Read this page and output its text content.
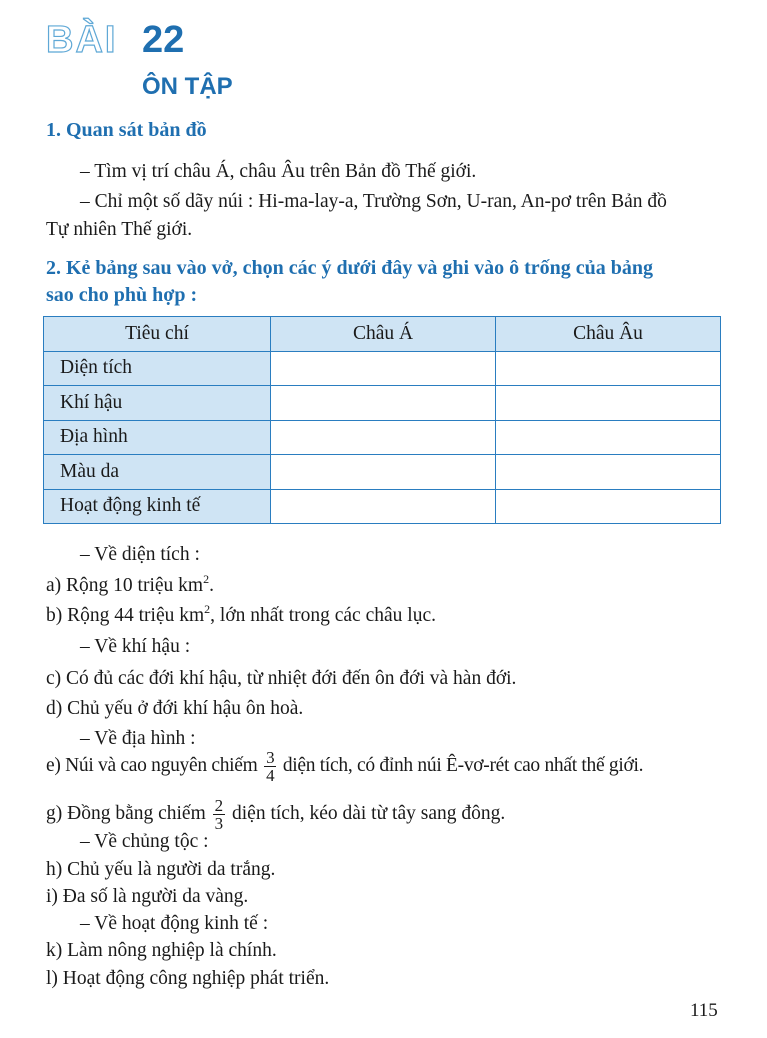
BÀI 22
ÔN TẬP
1. Quan sát bản đồ
– Tìm vị trí châu Á, châu Âu trên Bản đồ Thế giới.
– Chỉ một số dãy núi : Hi-ma-lay-a, Trường Sơn, U-ran, An-pơ trên Bản đồ
Tự nhiên Thế giới.
2. Kẻ bảng sau vào vở, chọn các ý dưới đây và ghi vào ô trống của bảng
sao cho phù hợp :
Tiêu chí	Châu Á	Châu Âu
Diện tích		
Khí hậu		
Địa hình		
Màu da		
Hoạt động kinh tế		
– Về diện tích :
a) Rộng 10 triệu $km^2$.
b) Rộng 44 triệu $km^2$, lớn nhất trong các châu lục.
– Về khí hậu :
c) Có đủ các đới khí hậu, từ nhiệt đới đến ôn đới và hàn đới.
d) Chủ yếu ở đới khí hậu ôn hoà.
– Về địa hình :
e) Núi và cao nguyên chiếm $\frac{3}{4}$ diện tích, có đỉnh núi Ê-vơ-rét cao nhất thế giới.
g) Đồng bằng chiếm $\frac{2}{3}$ diện tích, kéo dài từ tây sang đông.
– Về chủng tộc :
h) Chủ yếu là người da trắng.
i) Đa số là người da vàng.
– Về hoạt động kinh tế :
k) Làm nông nghiệp là chính.
l) Hoạt động công nghiệp phát triển.
115
